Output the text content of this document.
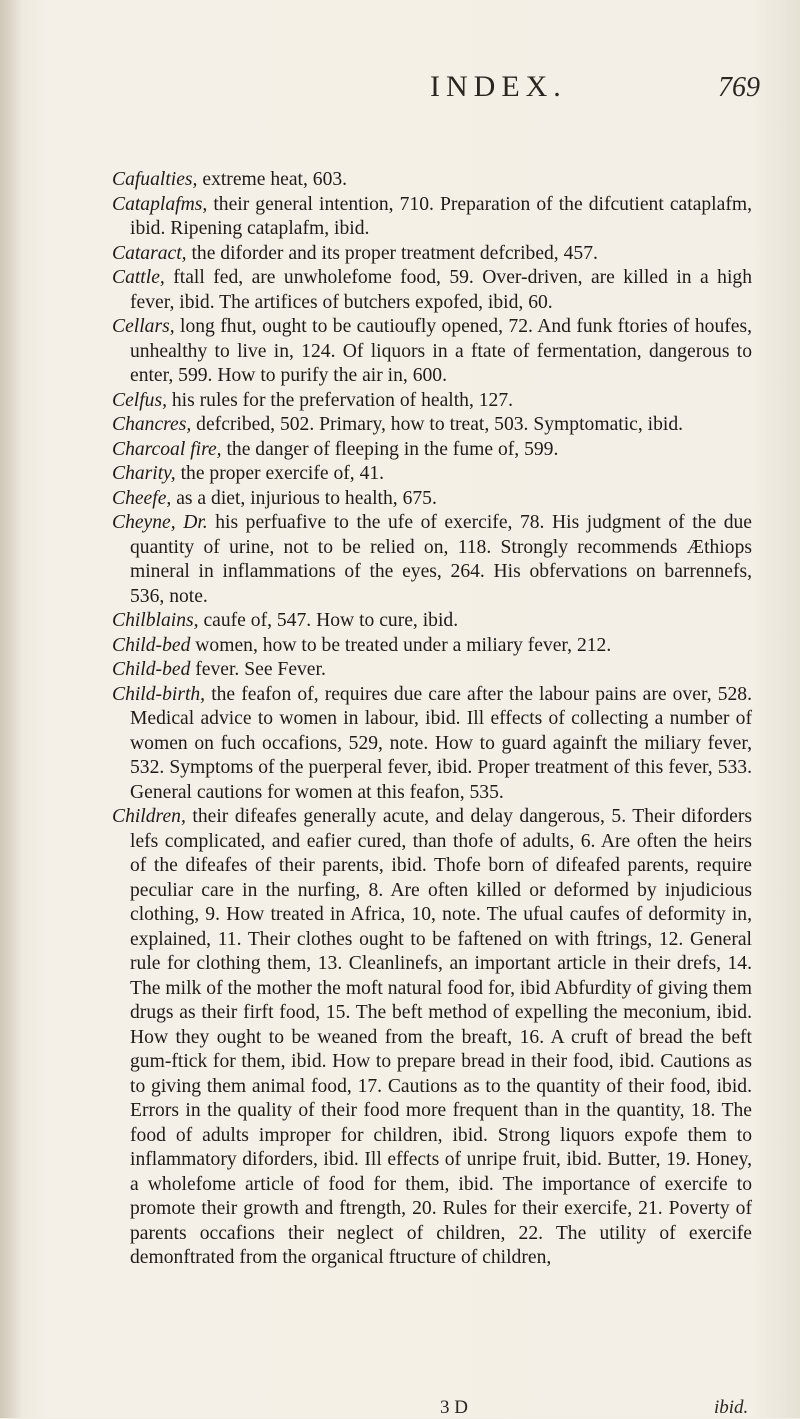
INDEX.	769

Cafualties, extreme heat, 603.

Cataplafms, their general intention, 710. Preparation of the difcutient cataplafm, ibid. Ripening cataplafm, ibid.

Cataract, the diforder and its proper treatment defcribed, 457.

Cattle, ftall fed, are unwholefome food, 59. Over-driven, are killed in a high fever, ibid. The artifices of butchers expofed, ibid, 60.

Cellars, long fhut, ought to be cautioufly opened, 72. And funk ftories of houfes, unhealthy to live in, 124. Of liquors in a ftate of fermentation, dangerous to enter, 599. How to purify the air in, 600.

Celfus, his rules for the prefervation of health, 127.

Chancres, defcribed, 502. Primary, how to treat, 503. Symptomatic, ibid.

Charcoal fire, the danger of fleeping in the fume of, 599.

Charity, the proper exercife of, 41.

Cheefe, as a diet, injurious to health, 675.

Cheyne, Dr. his perfuafive to the ufe of exercife, 78. His judgment of the due quantity of urine, not to be relied on, 118. Strongly recommends Æthiops mineral in inflammations of the eyes, 264. His obfervations on barrennefs, 536, note.

Chilblains, caufe of, 547. How to cure, ibid.

Child-bed women, how to be treated under a miliary fever, 212.

Child-bed fever. See Fever.

Child-birth, the feafon of, requires due care after the labour pains are over, 528. Medical advice to women in labour, ibid. Ill effects of collecting a number of women on fuch occafions, 529, note. How to guard againft the miliary fever, 532. Symptoms of the puerperal fever, ibid. Proper treatment of this fever, 533. General cautions for women at this feafon, 535.

Children, their difeafes generally acute, and delay dangerous, 5. Their diforders lefs complicated, and eafier cured, than thofe of adults, 6. Are often the heirs of the difeafes of their parents, ibid. Thofe born of difeafed parents, require peculiar care in the nurfing, 8. Are often killed or deformed by injudicious clothing, 9. How treated in Africa, 10, note. The ufual caufes of deformity in, explained, 11. Their clothes ought to be faftened on with ftrings, 12. General rule for clothing them, 13. Cleanlinefs, an important article in their drefs, 14. The milk of the mother the moft natural food for, ibid Abfurdity of giving them drugs as their firft food, 15. The beft method of expelling the meconium, ibid. How they ought to be weaned from the breaft, 16. A cruft of bread the beft gum-ftick for them, ibid. How to prepare bread in their food, ibid. Cautions as to giving them animal food, 17. Cautions as to the quantity of their food, ibid. Errors in the quality of their food more frequent than in the quantity, 18. The food of adults improper for children, ibid. Strong liquors expofe them to inflammatory diforders, ibid. Ill effects of unripe fruit, ibid. Butter, 19. Honey, a wholefome article of food for them, ibid. The importance of exercife to promote their growth and ftrength, 20. Rules for their exercife, 21. Poverty of parents occafions their neglect of children, 22. The utility of exercife demonftrated from the organical ftructure of children,

3 D	ibid.
